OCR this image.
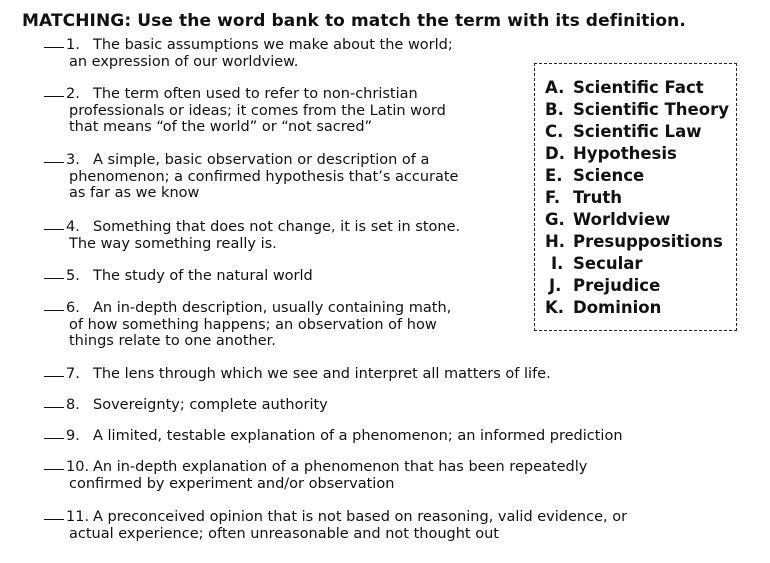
MATCHING: Use the word bank to match the term with its definition.
1. The basic assumptions we make about the world;
an expression of our worldview.
2. The term often used to refer to non-christian
professionals or ideas; it comes from the Latin word
that means “of the world” or “not sacred”
3. A simple, basic observation or description of a
phenomenon; a confirmed hypothesis that’s accurate
as far as we know
4. Something that does not change, it is set in stone.
The way something really is.
5. The study of the natural world
6. An in-depth description, usually containing math,
of how something happens; an observation of how
things relate to one another.
7. The lens through which we see and interpret all matters of life.
8. Sovereignty; complete authority
9. A limited, testable explanation of a phenomenon; an informed prediction
10. An in-depth explanation of a phenomenon that has been repeatedly
confirmed by experiment and/or observation
11. A preconceived opinion that is not based on reasoning, valid evidence, or
actual experience; often unreasonable and not thought out
A. Scientific Fact
B. Scientific Theory
C. Scientific Law
D. Hypothesis
E. Science
F. Truth
G. Worldview
H. Presuppositions
I. Secular
J. Prejudice
K. Dominion
